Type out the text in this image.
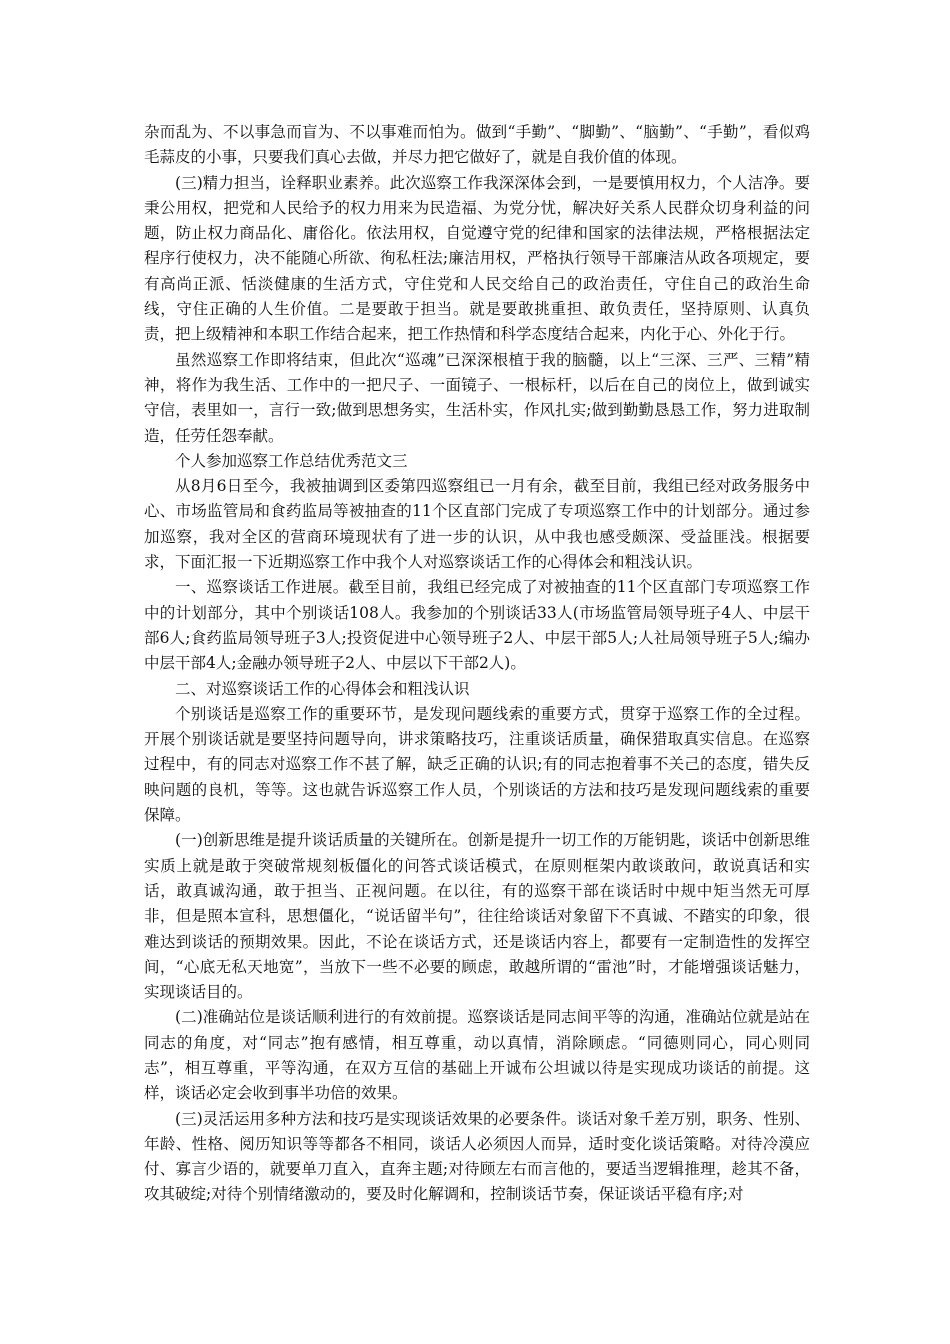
杂而乱为、不以事急而盲为、不以事难而怕为。做到“手勤”、“脚勤”、“脑勤”、“手勤”，看似鸡毛蒜皮的小事，只要我们真心去做，并尽力把它做好了，就是自我价值的体现。

(三)精力担当，诠释职业素养。此次巡察工作我深深体会到，一是要慎用权力，个人洁净。要秉公用权，把党和人民给予的权力用来为民造福、为党分忧，解决好关系人民群众切身利益的问题，防止权力商品化、庸俗化。依法用权，自觉遵守党的纪律和国家的法律法规，严格根据法定程序行使权力，决不能随心所欲、徇私枉法;廉洁用权，严格执行领导干部廉洁从政各项规定，要有高尚正派、恬淡健康的生活方式，守住党和人民交给自己的政治责任，守住自己的政治生命线，守住正确的人生价值。二是要敢于担当。就是要敢挑重担、敢负责任，坚持原则、认真负责，把上级精神和本职工作结合起来，把工作热情和科学态度结合起来，内化于心、外化于行。

虽然巡察工作即将结束，但此次“巡魂”已深深根植于我的脑髓，以上“三深、三严、三精”精神，将作为我生活、工作中的一把尺子、一面镜子、一根标杆，以后在自己的岗位上，做到诚实守信，表里如一，言行一致;做到思想务实，生活朴实，作风扎实;做到勤勤恳恳工作，努力进取制造，任劳任怨奉献。

个人参加巡察工作总结优秀范文三

从8月6日至今，我被抽调到区委第四巡察组已一月有余，截至目前，我组已经对政务服务中心、市场监管局和食药监局等被抽查的11个区直部门完成了专项巡察工作中的计划部分。通过参加巡察，我对全区的营商环境现状有了进一步的认识，从中我也感受颇深、受益匪浅。根据要求，下面汇报一下近期巡察工作中我个人对巡察谈话工作的心得体会和粗浅认识。

一、巡察谈话工作进展。截至目前，我组已经完成了对被抽查的11个区直部门专项巡察工作中的计划部分，其中个别谈话108人。我参加的个别谈话33人(市场监管局领导班子4人、中层干部6人;食药监局领导班子3人;投资促进中心领导班子2人、中层干部5人;人社局领导班子5人;编办中层干部4人;金融办领导班子2人、中层以下干部2人)。

二、对巡察谈话工作的心得体会和粗浅认识

个别谈话是巡察工作的重要环节，是发现问题线索的重要方式，贯穿于巡察工作的全过程。开展个别谈话就是要坚持问题导向，讲求策略技巧，注重谈话质量，确保猎取真实信息。在巡察过程中，有的同志对巡察工作不甚了解，缺乏正确的认识;有的同志抱着事不关己的态度，错失反映问题的良机，等等。这也就告诉巡察工作人员，个别谈话的方法和技巧是发现问题线索的重要保障。

(一)创新思维是提升谈话质量的关键所在。创新是提升一切工作的万能钥匙，谈话中创新思维实质上就是敢于突破常规刻板僵化的问答式谈话模式，在原则框架内敢谈敢问，敢说真话和实话，敢真诚沟通，敢于担当、正视问题。在以往，有的巡察干部在谈话时中规中矩当然无可厚非，但是照本宣科，思想僵化，“说话留半句”，往往给谈话对象留下不真诚、不踏实的印象，很难达到谈话的预期效果。因此，不论在谈话方式，还是谈话内容上，都要有一定制造性的发挥空间，“心底无私天地宽”，当放下一些不必要的顾虑，敢越所谓的“雷池”时，才能增强谈话魅力，实现谈话目的。

(二)准确站位是谈话顺利进行的有效前提。巡察谈话是同志间平等的沟通，准确站位就是站在同志的角度，对“同志”抱有感情，相互尊重，动以真情，消除顾虑。“同德则同心，同心则同志”，相互尊重，平等沟通，在双方互信的基础上开诚布公坦诚以待是实现成功谈话的前提。这样，谈话必定会收到事半功倍的效果。

(三)灵活运用多种方法和技巧是实现谈话效果的必要条件。谈话对象千差万别，职务、性别、年龄、性格、阅历知识等等都各不相同，谈话人必须因人而异，适时变化谈话策略。对待冷漠应付、寡言少语的，就要单刀直入，直奔主题;对待顾左右而言他的，要适当逻辑推理，趁其不备，攻其破绽;对待个别情绪激动的，要及时化解调和，控制谈话节奏，保证谈话平稳有序;对
